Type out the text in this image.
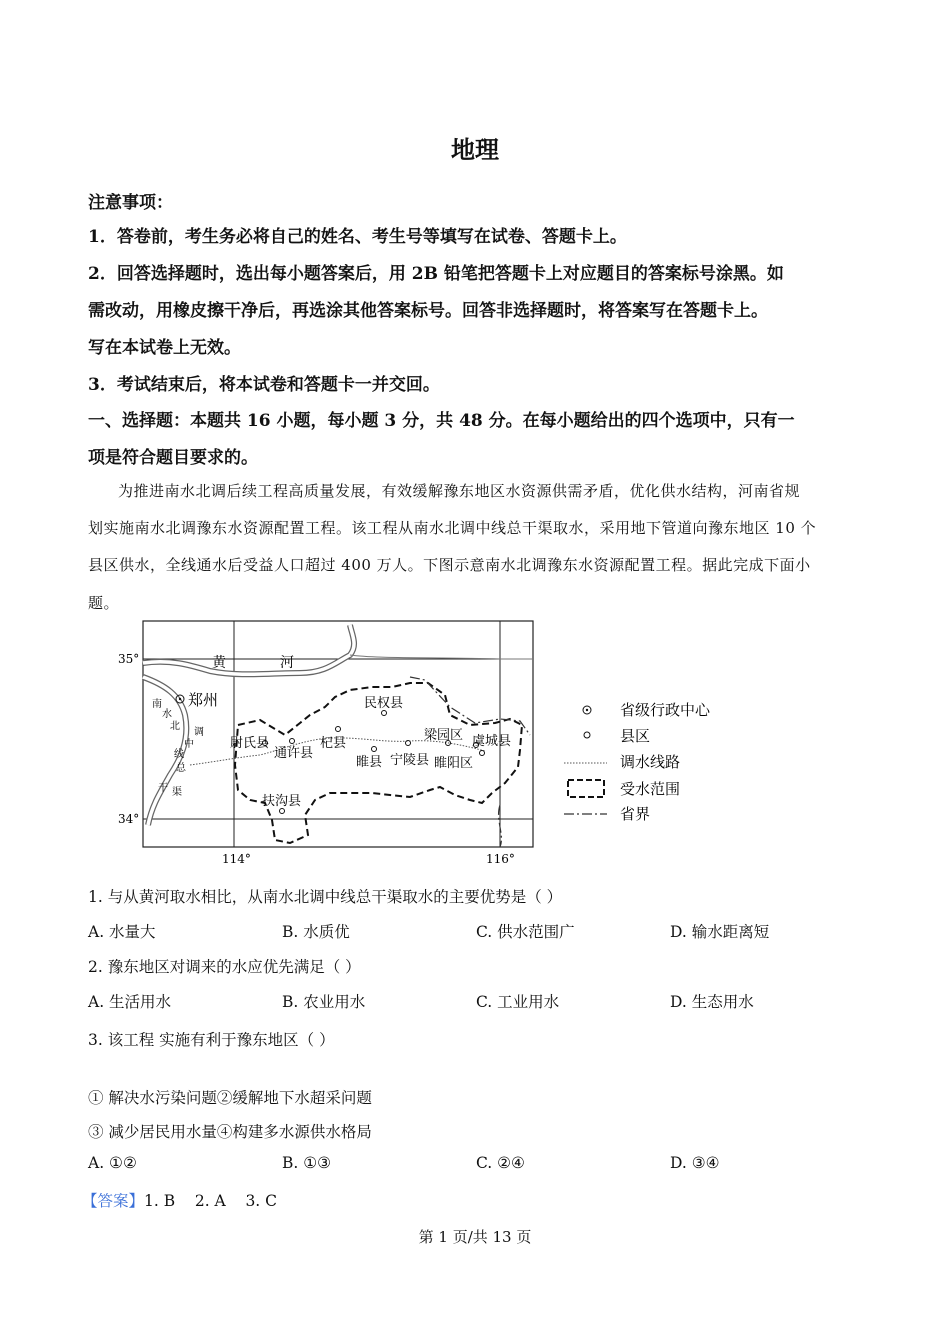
地理
注意事项：
1．答卷前，考生务必将自己的姓名、考生号等填写在试卷、答题卡上。
2．回答选择题时，选出每小题答案后，用 2B 铅笔把答题卡上对应题目的答案标号涂黑。如
需改动，用橡皮擦干净后，再选涂其他答案标号。回答非选择题时，将答案写在答题卡上。
写在本试卷上无效。
3．考试结束后，将本试卷和答题卡一并交回。
一、选择题：本题共 16 小题，每小题 3 分，共 48 分。在每小题给出的四个选项中，只有一
项是符合题目要求的。
为推进南水北调后续工程高质量发展，有效缓解豫东地区水资源供需矛盾，优化供水结构，河南省规
划实施南水北调豫东水资源配置工程。该工程从南水北调中线总干渠取水，采用地下管道向豫东地区 10 个
县区供水，全线通水后受益人口超过 400 万人。下图示意南水北调豫东水资源配置工程。据此完成下面小
题。
35°
34°
114°	116°
黄	河
郑州
南
水
北
调
中
线
总
干 渠
尉氏县
通许县
杞县
民权县
梁园区 虞城县
睢县 宁陵县 睢阳区
扶沟县
省级行政中心
县区
调水线路
受水范围
省界
1. 与从黄河取水相比，从南水北调中线总干渠取水的主要优势是（ ）
A. 水量大	B. 水质优	C. 供水范围广	D. 输水距离短
2. 豫东地区对调来的水应优先满足（ ）
A. 生活用水	B. 农业用水	C. 工业用水	D. 生态用水
3. 该工程 实施有利于豫东地区（ ）
① 解决水污染问题②缓解地下水超采问题
③ 减少居民用水量④构建多水源供水格局
A. ①②	B. ①③	C. ②④	D. ③④
【答案】1. B    2. A    3. C
第 1 页/共 13 页
